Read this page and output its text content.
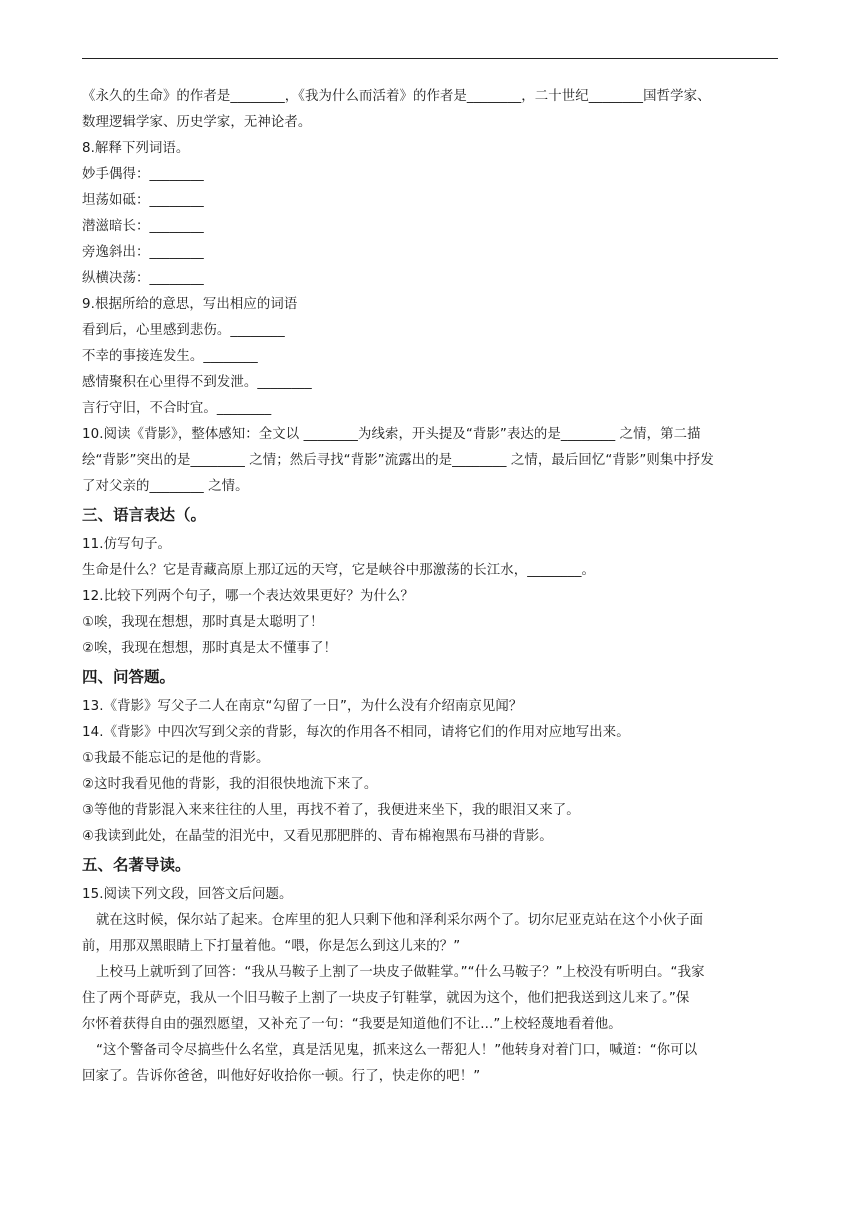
《永久的生命》的作者是________，《我为什么而活着》的作者是________，二十世纪________国哲学家、
数理逻辑学家、历史学家，无神论者。
8.解释下列词语。
妙手偶得：________
坦荡如砥：________
潜滋暗长：________
旁逸斜出：________
纵横决荡：________
9.根据所给的意思，写出相应的词语
看到后，心里感到悲伤。________
不幸的事接连发生。________
感情聚积在心里得不到发泄。________
言行守旧，不合时宜。________
10.阅读《背影》，整体感知：全文以 ________为线索，开头提及“背影”表达的是________ 之情，第二描
绘“背影”突出的是________ 之情；然后寻找“背影”流露出的是________ 之情，最后回忆“背影”则集中抒发
了对父亲的________ 之情。
三、语言表达（。
11.仿写句子。
生命是什么？它是青藏高原上那辽远的天穹，它是峡谷中那激荡的长江水，________。
12.比较下列两个句子，哪一个表达效果更好？为什么？
①唉，我现在想想，那时真是太聪明了！
②唉，我现在想想，那时真是太不懂事了！
四、问答题。
13.《背影》写父子二人在南京“勾留了一日”，为什么没有介绍南京见闻？
14.《背影》中四次写到父亲的背影，每次的作用各不相同，请将它们的作用对应地写出来。
①我最不能忘记的是他的背影。
②这时我看见他的背影，我的泪很快地流下来了。
③等他的背影混入来来往往的人里，再找不着了，我便进来坐下，我的眼泪又来了。
④我读到此处，在晶莹的泪光中，又看见那肥胖的、青布棉袍黑布马褂的背影。
五、名著导读。
15.阅读下列文段，回答文后问题。
就在这时候，保尔站了起来。仓库里的犯人只剩下他和泽利采尔两个了。切尔尼亚克站在这个小伙子面
前，用那双黑眼睛上下打量着他。“喂，你是怎么到这儿来的？”
上校马上就听到了回答：“我从马鞍子上割了一块皮子做鞋掌。”“什么马鞍子？”上校没有听明白。“我家
住了两个哥萨克，我从一个旧马鞍子上割了一块皮子钉鞋掌，就因为这个，他们把我送到这儿来了。”保
尔怀着获得自由的强烈愿望，又补充了一句：“我要是知道他们不让...”上校轻蔑地看着他。
“这个警备司令尽搞些什么名堂，真是活见鬼，抓来这么一帮犯人！”他转身对着门口，喊道：“你可以
回家了。告诉你爸爸，叫他好好收拾你一顿。行了，快走你的吧！”
